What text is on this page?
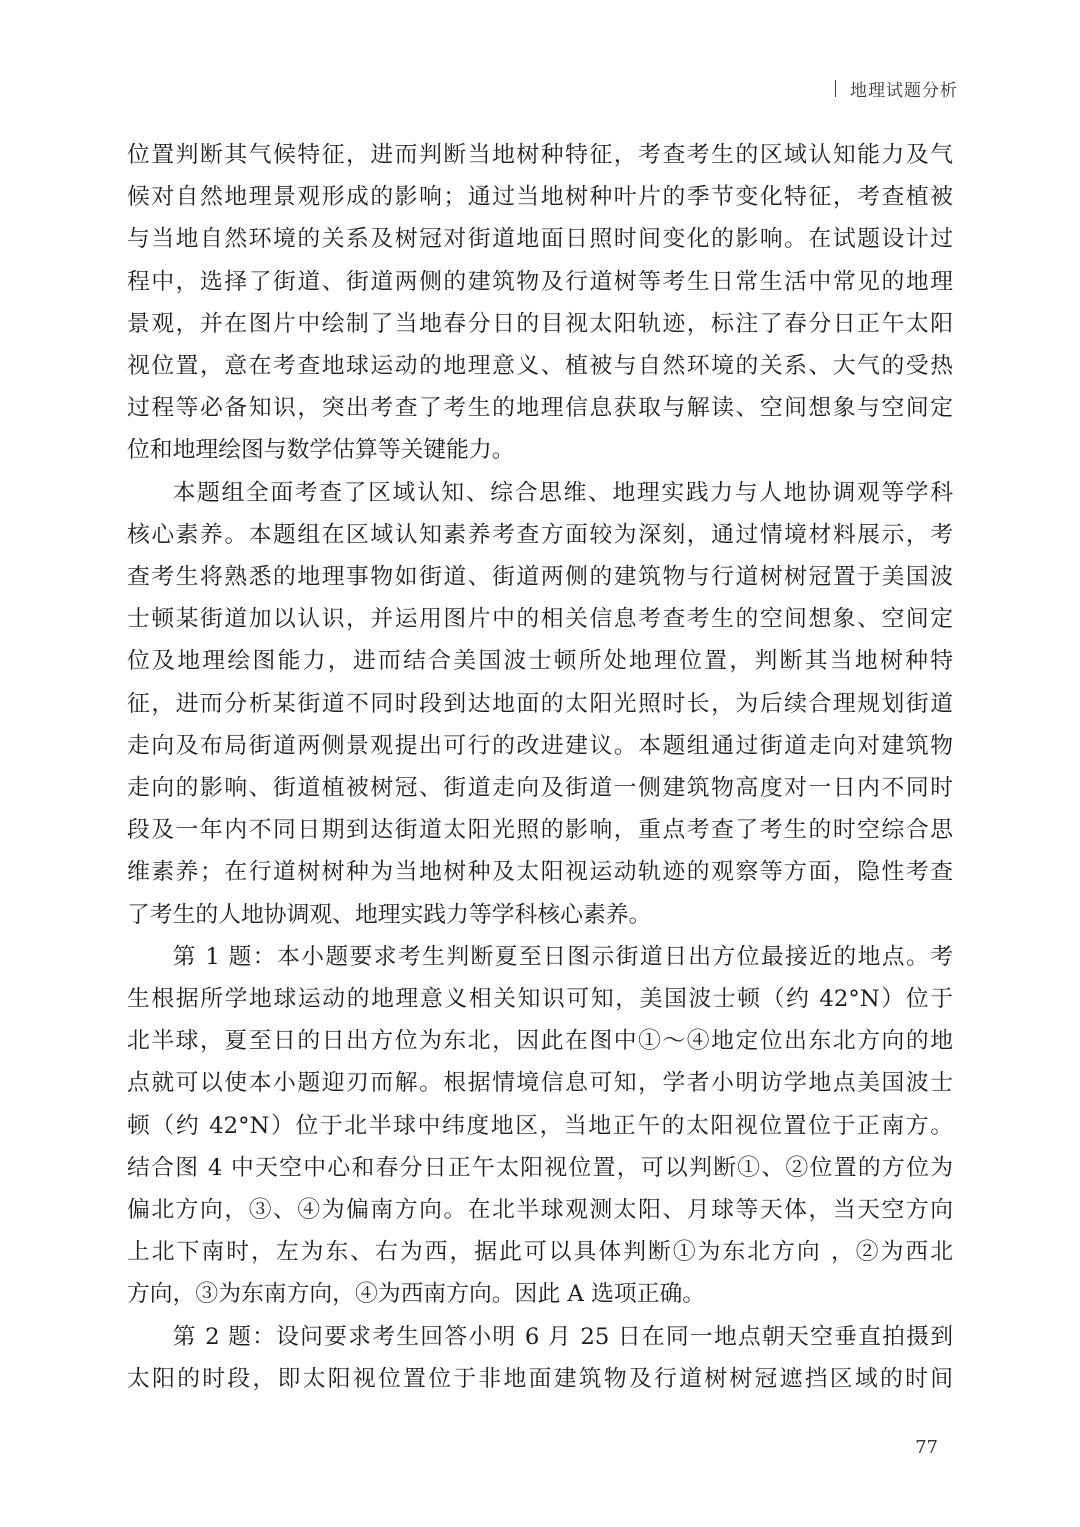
地理试题分析

位置判断其气候特征，进而判断当地树种特征，考查考生的区域认知能力及气

候对自然地理景观形成的影响；通过当地树种叶片的季节变化特征，考查植被

与当地自然环境的关系及树冠对街道地面日照时间变化的影响。在试题设计过

程中，选择了街道、街道两侧的建筑物及行道树等考生日常生活中常见的地理

景观，并在图片中绘制了当地春分日的目视太阳轨迹，标注了春分日正午太阳

视位置，意在考查地球运动的地理意义、植被与自然环境的关系、大气的受热

过程等必备知识，突出考查了考生的地理信息获取与解读、空间想象与空间定

位和地理绘图与数学估算等关键能力。

本题组全面考查了区域认知、综合思维、地理实践力与人地协调观等学科

核心素养。本题组在区域认知素养考查方面较为深刻，通过情境材料展示，考

查考生将熟悉的地理事物如街道、街道两侧的建筑物与行道树树冠置于美国波

士顿某街道加以认识，并运用图片中的相关信息考查考生的空间想象、空间定

位及地理绘图能力，进而结合美国波士顿所处地理位置，判断其当地树种特

征，进而分析某街道不同时段到达地面的太阳光照时长，为后续合理规划街道

走向及布局街道两侧景观提出可行的改进建议。本题组通过街道走向对建筑物

走向的影响、街道植被树冠、街道走向及街道一侧建筑物高度对一日内不同时

段及一年内不同日期到达街道太阳光照的影响，重点考查了考生的时空综合思

维素养；在行道树树种为当地树种及太阳视运动轨迹的观察等方面，隐性考查

了考生的人地协调观、地理实践力等学科核心素养。

第 1 题：本小题要求考生判断夏至日图示街道日出方位最接近的地点。考

生根据所学地球运动的地理意义相关知识可知，美国波士顿（约 42°N）位于

北半球，夏至日的日出方位为东北，因此在图中①～④地定位出东北方向的地

点就可以使本小题迎刃而解。根据情境信息可知，学者小明访学地点美国波士

顿（约 42°N）位于北半球中纬度地区，当地正午的太阳视位置位于正南方。

结合图 4 中天空中心和春分日正午太阳视位置，可以判断①、②位置的方位为

偏北方向，③、④为偏南方向。在北半球观测太阳、月球等天体，当天空方向

上北下南时，左为东、右为西，据此可以具体判断①为东北方向 ，②为西北

方向，③为东南方向，④为西南方向。因此 A 选项正确。

第 2 题：设问要求考生回答小明 6 月 25 日在同一地点朝天空垂直拍摄到

太阳的时段，即太阳视位置位于非地面建筑物及行道树树冠遮挡区域的时间

77
